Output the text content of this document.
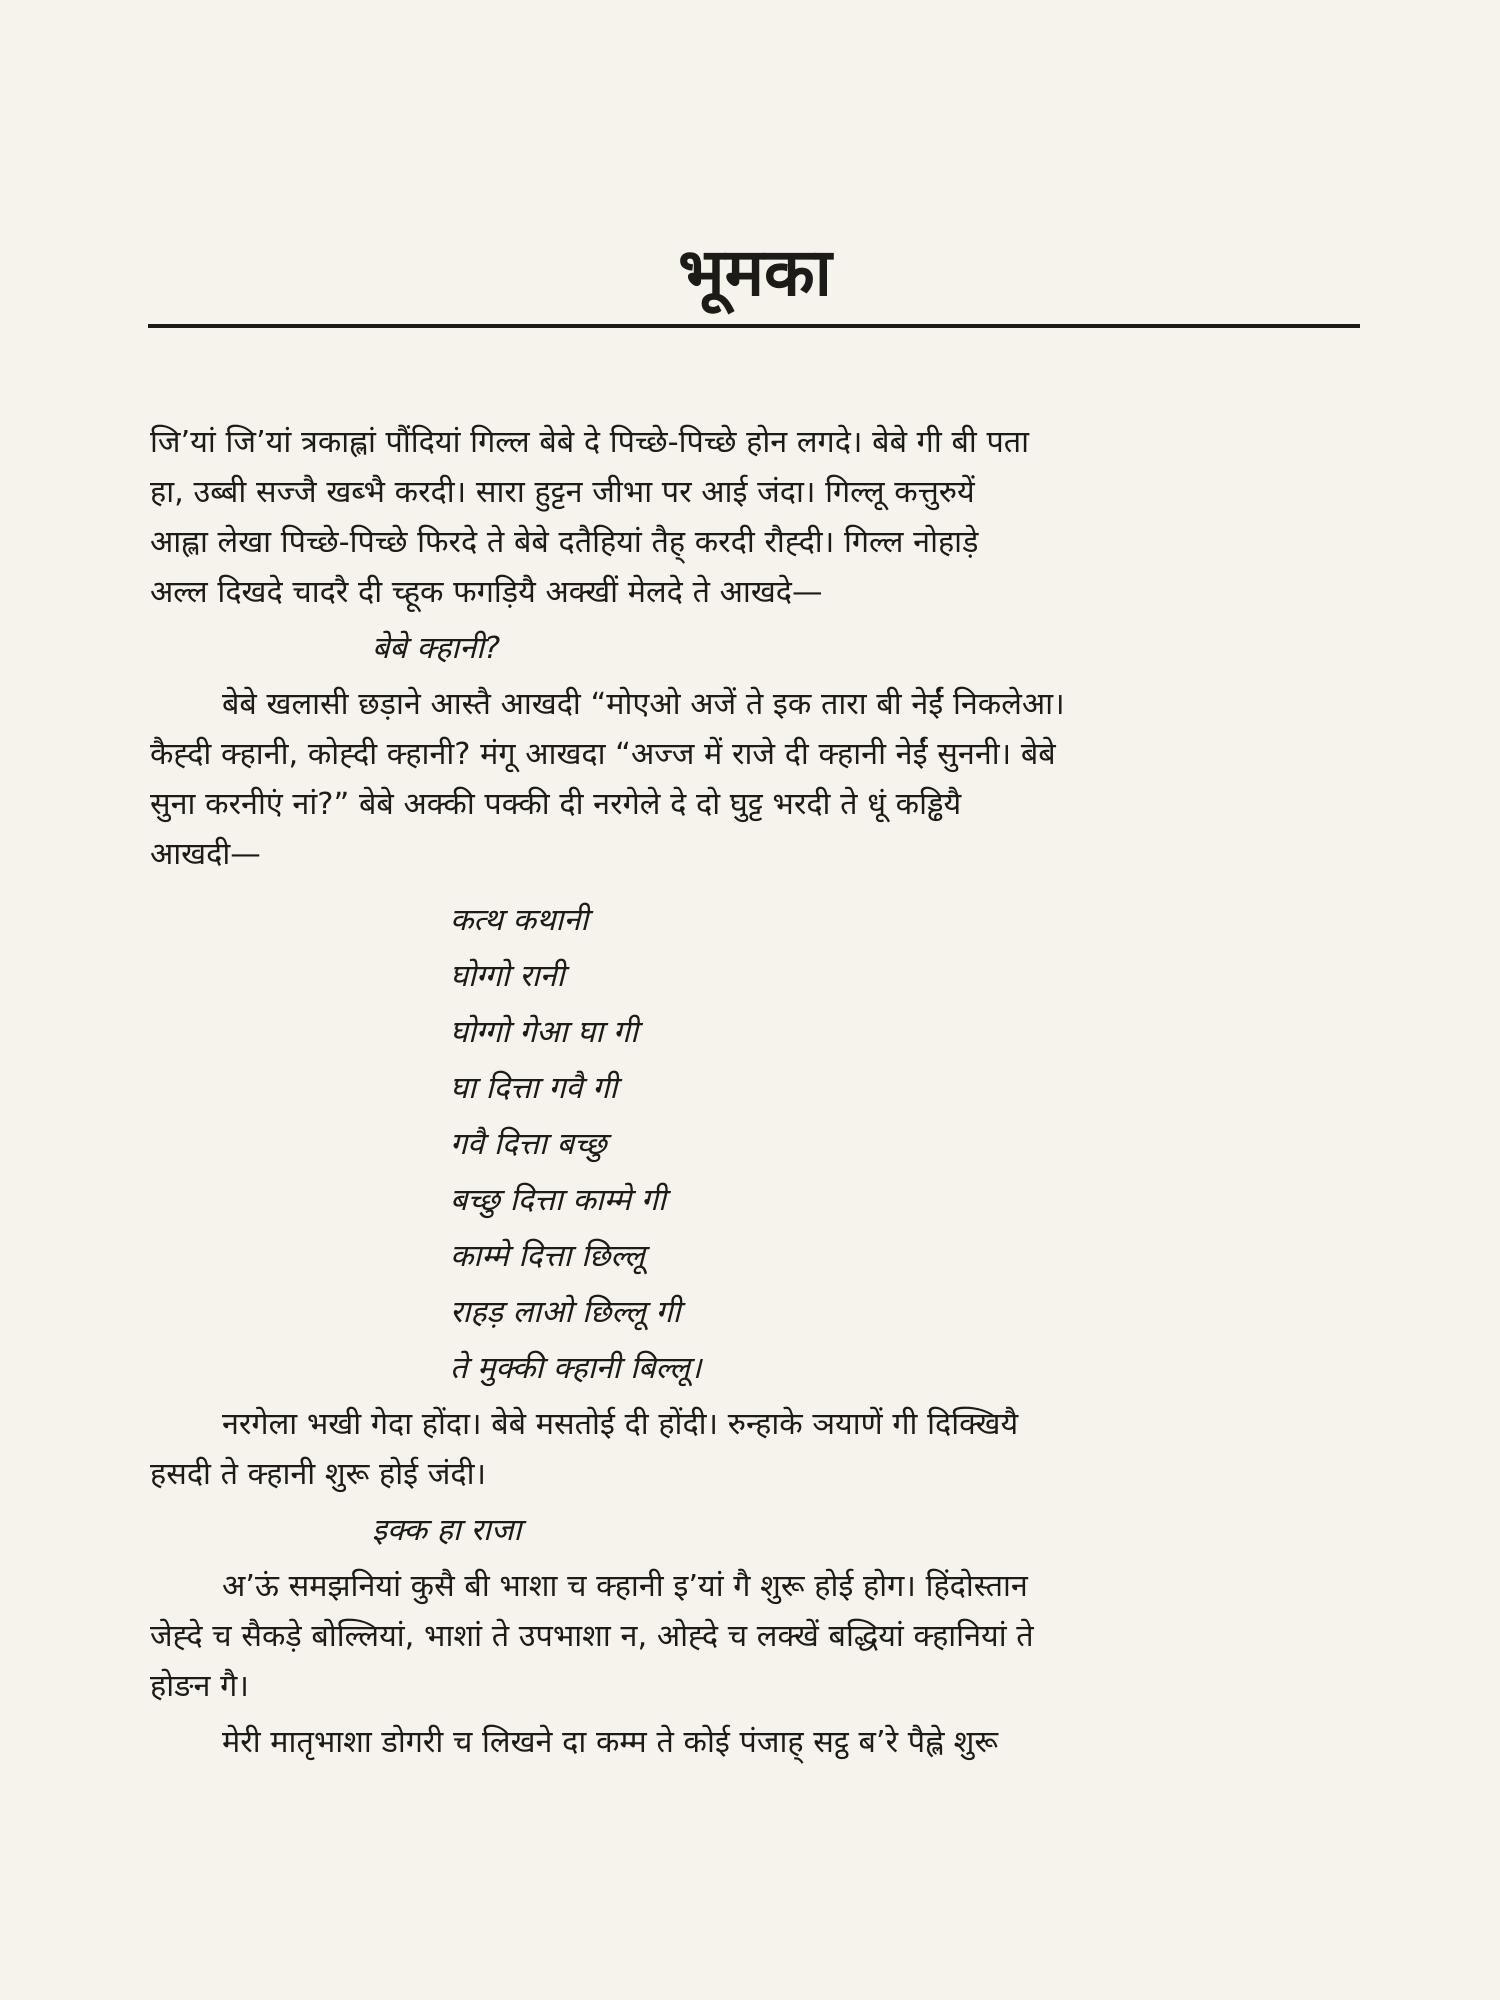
भूमका

जि’यां जि’यां त्रकाह्लां पौंदियां गिल्ल बेबे दे पिच्छे-पिच्छे होन लगदे। बेबे गी बी पता

हा, उब्बी सज्जै खब्भै करदी। सारा हुट्टन जीभा पर आई जंदा। गिल्लू कत्तुरुयें

आह्ला लेखा पिच्छे-पिच्छे फिरदे ते बेबे दतैहियां तैह् करदी रौह्दी। गिल्ल नोहाड़े

अल्ल दिखदे चादरै दी च्हूक फगड़ियै अक्खीं मेलदे ते आखदे—

बेबे क्हानी?

बेबे खलासी छड़ाने आस्तै आखदी “मोएओ अजें ते इक तारा बी नेईं निकलेआ।

कैह्दी क्हानी, कोह्दी क्हानी? मंगू आखदा “अज्ज में राजे दी क्हानी नेईं सुननी। बेबे

सुना करनीएं नां?” बेबे अक्की पक्की दी नरगेले दे दो घुट्ट भरदी ते धूं कड्ढियै

आखदी—

कत्थ कथानी

घोग्गो रानी

घोग्गो गेआ घा गी

घा दित्ता गवै गी

गवै दित्ता बच्छु

बच्छु दित्ता काम्मे गी

काम्मे दित्ता छिल्लू

राहड़ लाओ छिल्लू गी

ते मुक्की क्हानी बिल्लू।

नरगेला भखी गेदा होंदा। बेबे मसतोई दी होंदी। रुन्हाके ञयाणें गी दिक्खियै

हसदी ते क्हानी शुरू होई जंदी।

इक्क हा राजा

अ’ऊं समझनियां कुसै बी भाशा च क्हानी इ’यां गै शुरू होई होग। हिंदोस्तान

जेह्दे च सैकड़े बोल्लियां, भाशां ते उपभाशा न, ओह्दे च लक्खें बद्धियां क्हानियां ते

होङन गै।

मेरी मातृभाशा डोगरी च लिखने दा कम्म ते कोई पंजाह् सट्ठ ब’रे पैह्ले शुरू
